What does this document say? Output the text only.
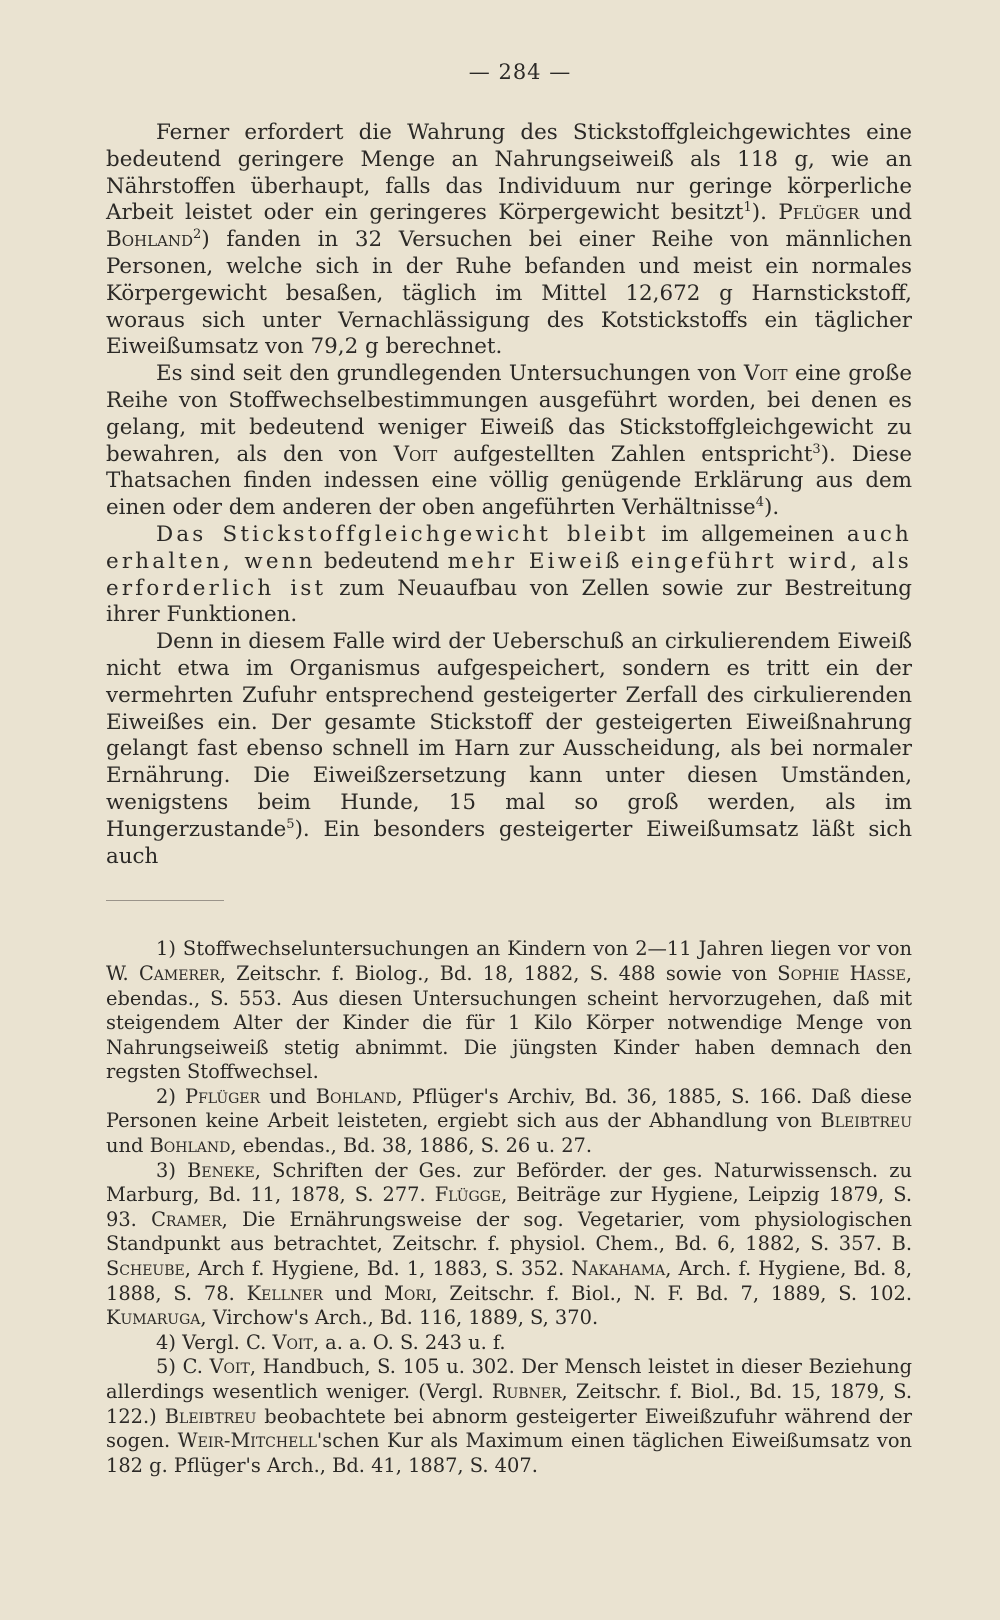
— 284 —

Ferner erfordert die Wahrung des Stickstoffgleichgewichtes eine bedeutend geringere Menge an Nahrungseiweiß als 118 g, wie an Nährstoffen überhaupt, falls das Individuum nur geringe körperliche Arbeit leistet oder ein geringeres Körpergewicht besitzt$^1$). Pflüger und Bohland$^2$) fanden in 32 Versuchen bei einer Reihe von männlichen Personen, welche sich in der Ruhe befanden und meist ein normales Körpergewicht besaßen, täglich im Mittel 12,672 g Harnstickstoff, woraus sich unter Vernachlässigung des Kotstickstoffs ein täglicher Eiweißumsatz von 79,2 g berechnet.

Es sind seit den grundlegenden Untersuchungen von Voit eine große Reihe von Stoffwechselbestimmungen ausgeführt worden, bei denen es gelang, mit bedeutend weniger Eiweiß das Stickstoffgleichgewicht zu bewahren, als den von Voit aufgestellten Zahlen entspricht$^3$). Diese Thatsachen finden indessen eine völlig genügende Erklärung aus dem einen oder dem anderen der oben angeführten Verhältnisse$^4$).

Das Stickstoffgleichgewicht bleibt im allgemeinen auch erhalten, wenn bedeutend mehr Eiweiß eingeführt wird, als erforderlich ist zum Neuaufbau von Zellen sowie zur Bestreitung ihrer Funktionen.

Denn in diesem Falle wird der Ueberschuß an cirkulierendem Eiweiß nicht etwa im Organismus aufgespeichert, sondern es tritt ein der vermehrten Zufuhr entsprechend gesteigerter Zerfall des cirkulierenden Eiweißes ein. Der gesamte Stickstoff der gesteigerten Eiweißnahrung gelangt fast ebenso schnell im Harn zur Ausscheidung, als bei normaler Ernährung. Die Eiweißzersetzung kann unter diesen Umständen, wenigstens beim Hunde, 15 mal so groß werden, als im Hungerzustande$^5$). Ein besonders gesteigerter Eiweißumsatz läßt sich auch

1) Stoffwechseluntersuchungen an Kindern von 2—11 Jahren liegen vor von W. Camerer, Zeitschr. f. Biolog., Bd. 18, 1882, S. 488 sowie von Sophie Hasse, ebendas., S. 553. Aus diesen Untersuchungen scheint hervorzugehen, daß mit steigendem Alter der Kinder die für 1 Kilo Körper notwendige Menge von Nahrungseiweiß stetig abnimmt. Die jüngsten Kinder haben demnach den regsten Stoffwechsel.

2) Pflüger und Bohland, Pflüger's Archiv, Bd. 36, 1885, S. 166. Daß diese Personen keine Arbeit leisteten, ergiebt sich aus der Abhandlung von Bleibtreu und Bohland, ebendas., Bd. 38, 1886, S. 26 u. 27.

3) Beneke, Schriften der Ges. zur Beförder. der ges. Naturwissensch. zu Marburg, Bd. 11, 1878, S. 277. Flügge, Beiträge zur Hygiene, Leipzig 1879, S. 93. Cramer, Die Ernährungsweise der sog. Vegetarier, vom physiologischen Standpunkt aus betrachtet, Zeitschr. f. physiol. Chem., Bd. 6, 1882, S. 357. B. Scheube, Arch f. Hygiene, Bd. 1, 1883, S. 352. Nakahama, Arch. f. Hygiene, Bd. 8, 1888, S. 78. Kellner und Mori, Zeitschr. f. Biol., N. F. Bd. 7, 1889, S. 102. Kumaruga, Virchow's Arch., Bd. 116, 1889, S, 370.

4) Vergl. C. Voit, a. a. O. S. 243 u. f.

5) C. Voit, Handbuch, S. 105 u. 302. Der Mensch leistet in dieser Beziehung allerdings wesentlich weniger. (Vergl. Rubner, Zeitschr. f. Biol., Bd. 15, 1879, S. 122.) Bleibtreu beobachtete bei abnorm gesteigerter Eiweißzufuhr während der sogen. Weir-Mitchell'schen Kur als Maximum einen täglichen Eiweißumsatz von 182 g. Pflüger's Arch., Bd. 41, 1887, S. 407.
